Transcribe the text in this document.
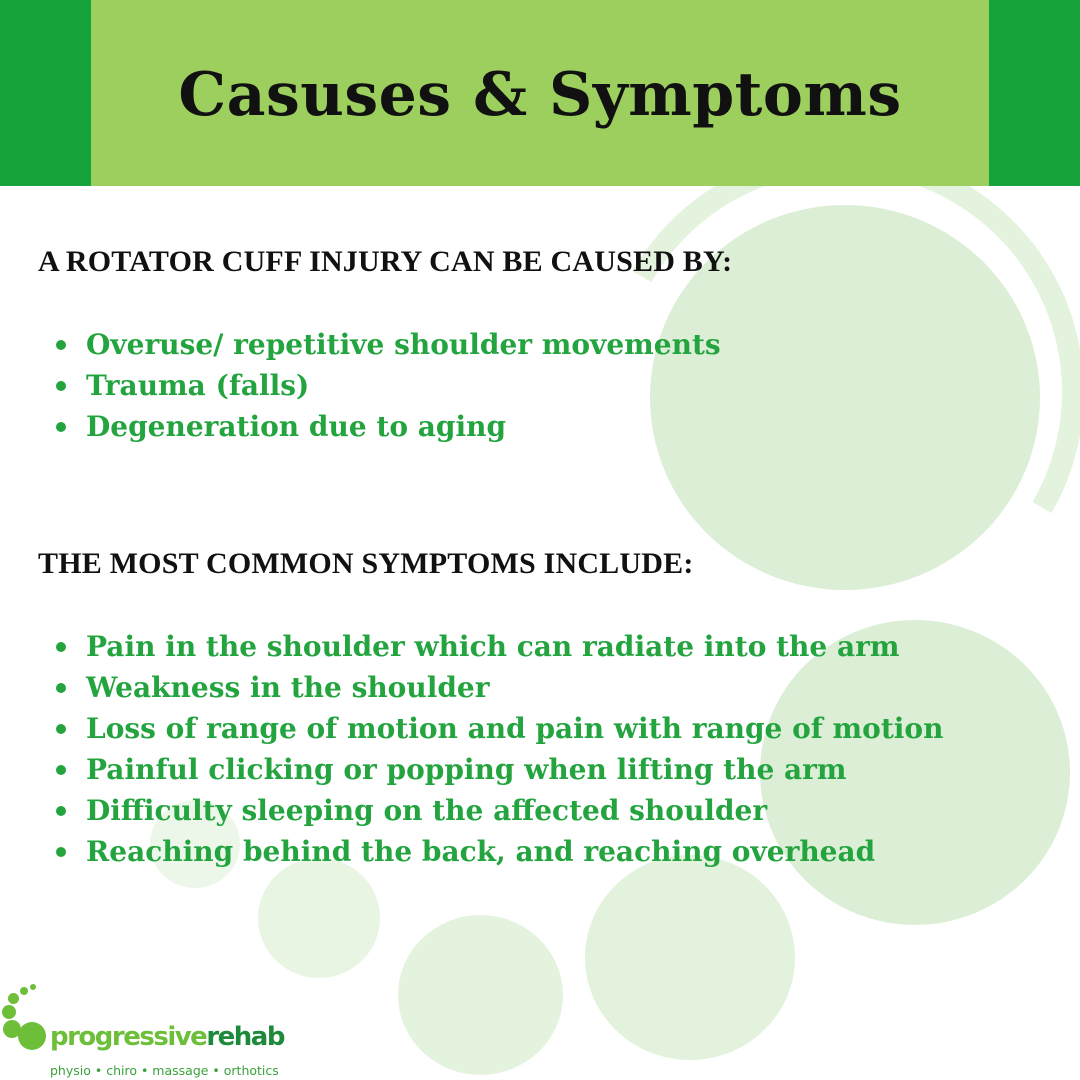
Casuses & Symptoms
A ROTATOR CUFF INJURY CAN BE CAUSED BY:
Overuse/ repetitive shoulder movements
Trauma (falls)
Degeneration due to aging
THE MOST COMMON SYMPTOMS INCLUDE:
Pain in the shoulder which can radiate into the arm
Weakness in the shoulder
Loss of range of motion and pain with range of motion
Painful clicking or popping when lifting the arm
Difficulty sleeping on the affected shoulder
Reaching behind the back, and reaching overhead
progressiverehab
physio • chiro • massage • orthotics
